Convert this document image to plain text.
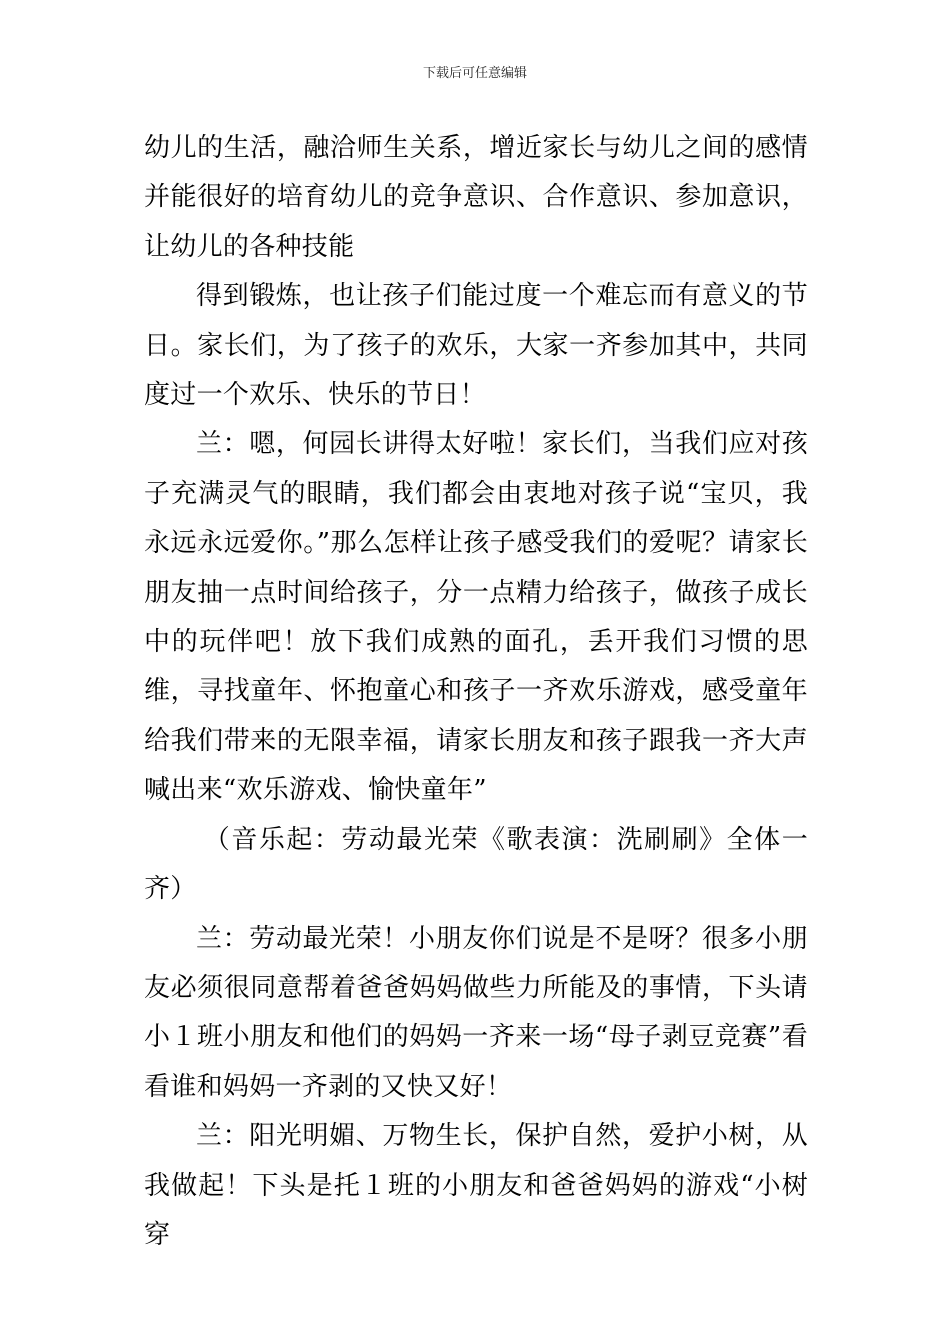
下载后可任意编辑

幼儿的生活，融洽师生关系，增近家长与幼儿之间的感情并能很好的培育幼儿的竞争意识、合作意识、参加意识，让幼儿的各种技能

得到锻炼，也让孩子们能过度一个难忘而有意义的节日。家长们，为了孩子的欢乐，大家一齐参加其中，共同度过一个欢乐、快乐的节日！

兰：嗯，何园长讲得太好啦！家长们，当我们应对孩子充满灵气的眼睛，我们都会由衷地对孩子说“宝贝，我永远永远爱你。”那么怎样让孩子感受我们的爱呢？请家长朋友抽一点时间给孩子，分一点精力给孩子，做孩子成长中的玩伴吧！放下我们成熟的面孔，丢开我们习惯的思维，寻找童年、怀抱童心和孩子一齐欢乐游戏，感受童年给我们带来的无限幸福，请家长朋友和孩子跟我一齐大声喊出来“欢乐游戏、愉快童年”

（音乐起：劳动最光荣《歌表演：洗刷刷》全体一齐）

兰：劳动最光荣！小朋友你们说是不是呀？很多小朋友必须很同意帮着爸爸妈妈做些力所能及的事情，下头请小１班小朋友和他们的妈妈一齐来一场“母子剥豆竞赛”看看谁和妈妈一齐剥的又快又好！

兰：阳光明媚、万物生长，保护自然，爱护小树，从我做起！下头是托１班的小朋友和爸爸妈妈的游戏“小树穿
